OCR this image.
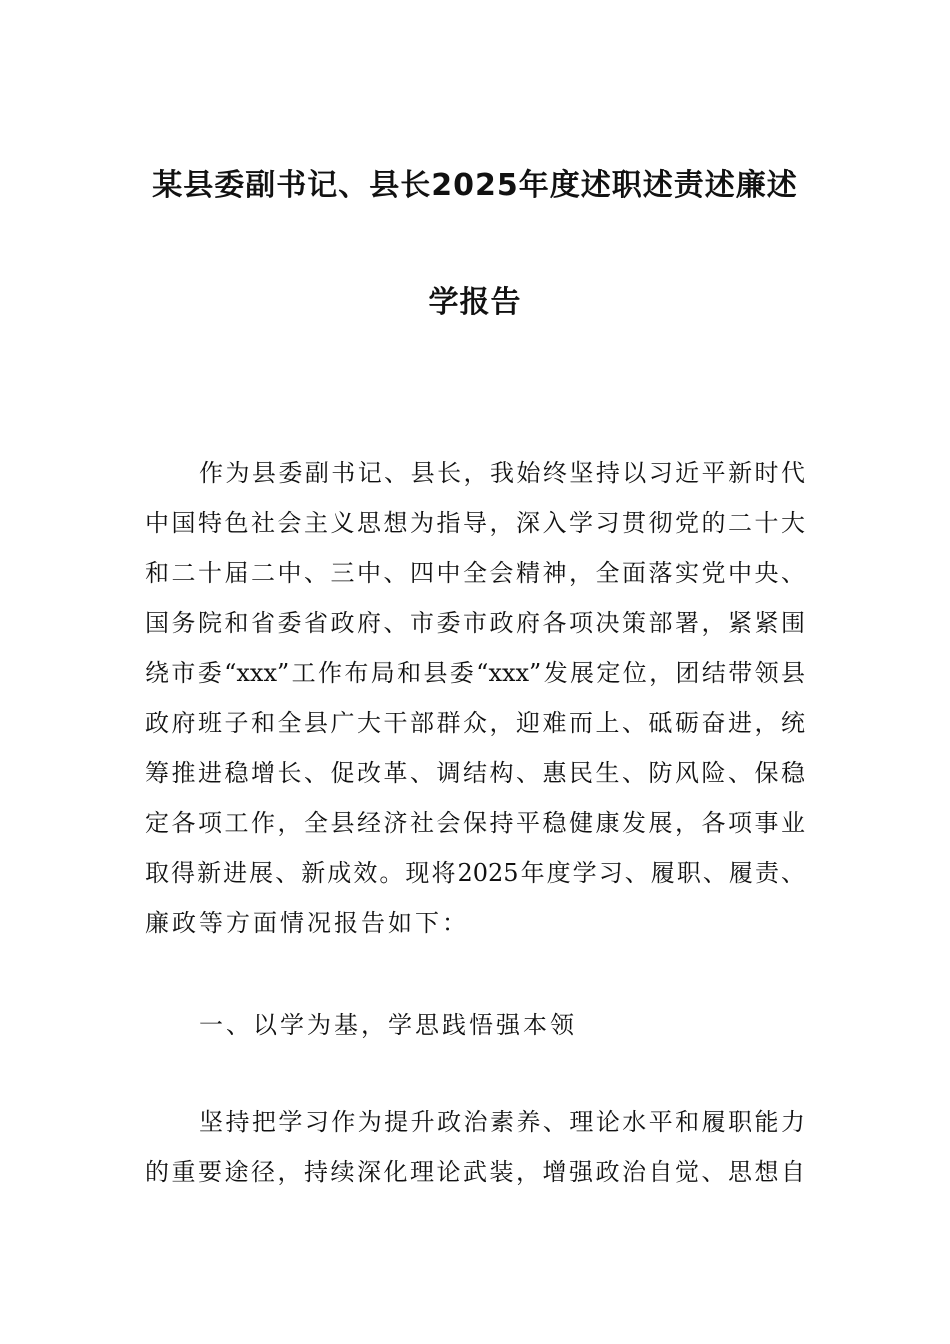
某县委副书记、县长2025年度述职述责述廉述
学报告
作为县委副书记、县长，我始终坚持以习近平新时代
中国特色社会主义思想为指导，深入学习贯彻党的二十大
和二十届二中、三中、四中全会精神，全面落实党中央、
国务院和省委省政府、市委市政府各项决策部署，紧紧围
绕市委“xxx”工作布局和县委“xxx”发展定位，团结带领县
政府班子和全县广大干部群众，迎难而上、砥砺奋进，统
筹推进稳增长、促改革、调结构、惠民生、防风险、保稳
定各项工作，全县经济社会保持平稳健康发展，各项事业
取得新进展、新成效。现将2025年度学习、履职、履责、
廉政等方面情况报告如下：
一、以学为基，学思践悟强本领
坚持把学习作为提升政治素养、理论水平和履职能力
的重要途径，持续深化理论武装，增强政治自觉、思想自
